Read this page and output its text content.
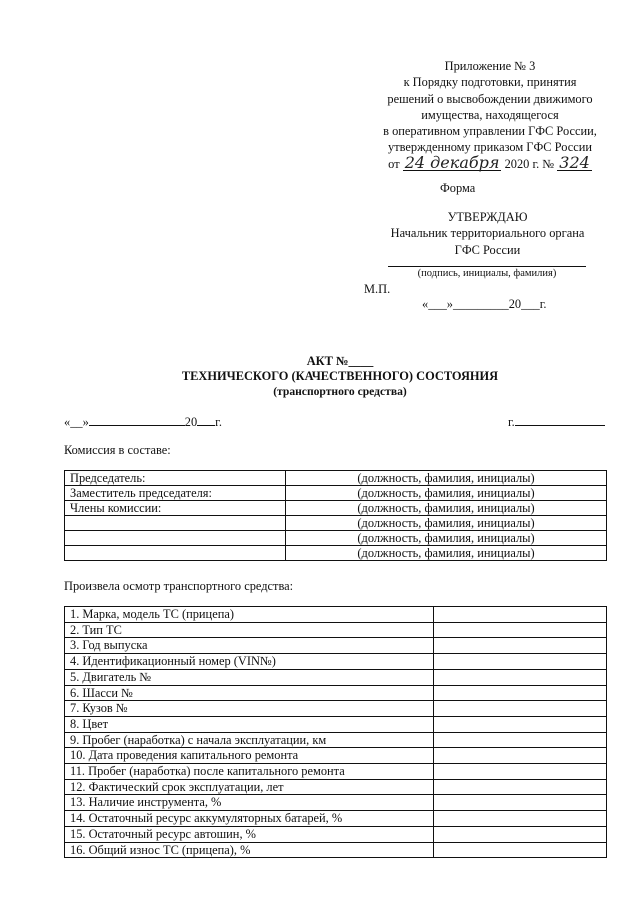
Приложение № 3
к Порядку подготовки, принятия
решений о высвобождении движимого
имущества, находящегося
в оперативном управлении ГФС России,
утвержденному приказом ГФС России
от 24 декабря 2020 г. № 324
Форма
УТВЕРЖДАЮ
Начальник территориального органа
ГФС России
(подпись, инициалы, фамилия)
М.П.
«___»_________20___г.
АКТ №____
ТЕХНИЧЕСКОГО (КАЧЕСТВЕННОГО) СОСТОЯНИЯ
(транспортного средства)
«__»	20 г.	г.
Комиссия в составе:
Председатель:	(должность, фамилия, инициалы)
Заместитель председателя:	(должность, фамилия, инициалы)
Члены комиссии:	(должность, фамилия, инициалы)
	(должность, фамилия, инициалы)
	(должность, фамилия, инициалы)
	(должность, фамилия, инициалы)
Произвела осмотр транспортного средства:
1. Марка, модель ТС (прицепа)	
2. Тип ТС	
3. Год выпуска	
4. Идентификационный номер (VIN№)	
5. Двигатель №	
6. Шасси №	
7. Кузов №	
8. Цвет	
9. Пробег (наработка) с начала эксплуатации, км	
10. Дата проведения капитального ремонта	
11. Пробег (наработка) после капитального ремонта	
12. Фактический срок эксплуатации, лет	
13. Наличие инструмента, %	
14. Остаточный ресурс аккумуляторных батарей, %	
15. Остаточный ресурс автошин, %	
16. Общий износ ТС (прицепа), %	
